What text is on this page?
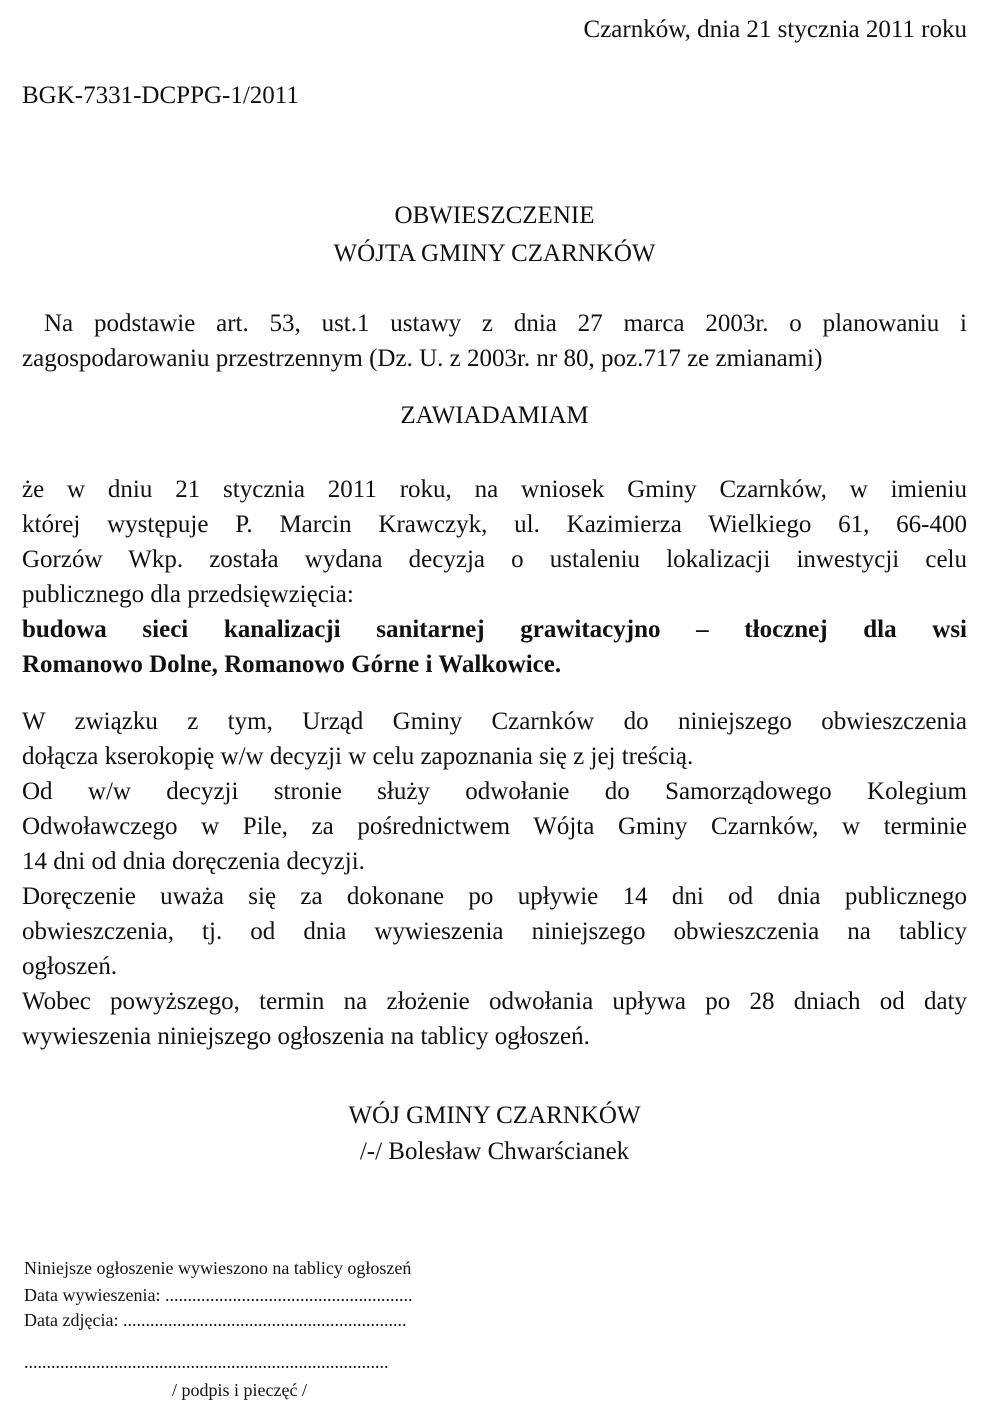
Czarnków, dnia 21 stycznia 2011 roku
BGK-7331-DCPPG-1/2011
OBWIESZCZENIE
WÓJTA GMINY CZARNKÓW
Na podstawie art. 53, ust.1 ustawy z dnia 27 marca 2003r. o planowaniu i
zagospodarowaniu przestrzennym (Dz. U. z 2003r. nr 80, poz.717 ze zmianami)
ZAWIADAMIAM
że w dniu 21 stycznia 2011 roku, na wniosek Gminy Czarnków, w imieniu
której występuje P. Marcin Krawczyk, ul. Kazimierza Wielkiego 61, 66-400
Gorzów Wkp. została wydana decyzja o ustaleniu lokalizacji inwestycji celu
publicznego dla przedsięwzięcia:
budowa sieci kanalizacji sanitarnej grawitacyjno – tłocznej dla wsi
Romanowo Dolne, Romanowo Górne i Walkowice.
W związku z tym, Urząd Gminy Czarnków do niniejszego obwieszczenia
dołącza kserokopię w/w decyzji w celu zapoznania się z jej treścią.
Od w/w decyzji stronie służy odwołanie do Samorządowego Kolegium
Odwoławczego w Pile, za pośrednictwem Wójta Gminy Czarnków, w terminie
14 dni od dnia doręczenia decyzji.
Doręczenie uważa się za dokonane po upływie 14 dni od dnia publicznego
obwieszczenia, tj. od dnia wywieszenia niniejszego obwieszczenia na tablicy
ogłoszeń.
Wobec powyższego, termin na złożenie odwołania upływa po 28 dniach od daty
wywieszenia niniejszego ogłoszenia na tablicy ogłoszeń.
WÓJ GMINY CZARNKÓW
/-/ Bolesław Chwarścianek
Niniejsze ogłoszenie wywieszono na tablicy ogłoszeń
Data wywieszenia: .......................................................
Data zdjęcia: ...............................................................
.................................................................................
/ podpis i pieczęć /
